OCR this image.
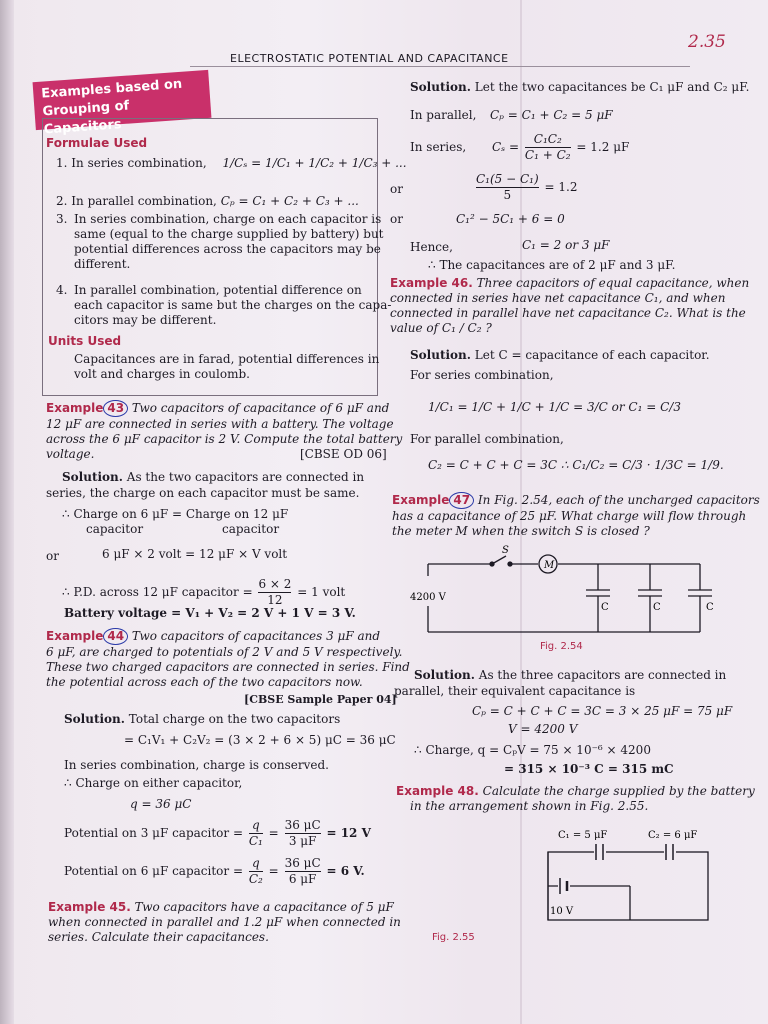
ELECTROSTATIC POTENTIAL AND CAPACITANCE
2.35
Examples based on
Grouping of Capacitors
Formulae Used
1. In series combination, 1/Cₛ = 1/C₁ + 1/C₂ + 1/C₃ + ...
2. In parallel combination, Cₚ = C₁ + C₂ + C₃ + ...
3. In series combination, charge on each capacitor is
same (equal to the charge supplied by battery) but
potential differences across the capacitors may be
different.
4. In parallel combination, potential difference on
each capacitor is same but the charges on the capa-
citors may be different.
Units Used
Capacitances are in farad, potential differences in
volt and charges in coulomb.
Example 43 Two capacitors of capacitance of 6 μF and
12 μF are connected in series with a battery. The voltage
across the 6 μF capacitor is 2 V. Compute the total battery
voltage.	[CBSE OD 06]
Solution. As the two capacitors are connected in
series, the charge on each capacitor must be same.
∴ Charge on 6 μF = Charge on 12 μF
capacitor	capacitor
or	6 μF × 2 volt = 12 μF × V volt
∴ P.D. across 12 μF capacitor = $\frac{6 \times 2}{12} = 1$ volt
Battery voltage = V₁ + V₂ = 2 V + 1 V = 3 V.
Example 44 Two capacitors of capacitances 3 μF and
6 μF, are charged to potentials of 2 V and 5 V respectively.
These two charged capacitors are connected in series. Find
the potential across each of the two capacitors now.
[CBSE Sample Paper 04]
Solution. Total charge on the two capacitors
= C₁V₁ + C₂V₂ = (3 × 2 + 6 × 5) μC = 36 μC
In series combination, charge is conserved.
∴ Charge on either capacitor,
q = 36 μC
Potential on 3 μF capacitor = $\frac{q}{\text{C₁}} = \frac{36 \mu C}{3 \mu F} = 12$ V
Potential on 6 μF capacitor = $\frac{q}{\text{C₂}} = \frac{36 \mu C}{6 \mu F} = 6$ V.
Example 45. Two capacitors have a capacitance of 5 μF
when connected in parallel and 1.2 μF when connected in
series. Calculate their capacitances.
Solution. Let the two capacitances be C₁ μF and C₂ μF.
In parallel, Cₚ = C₁ + C₂ = 5 μF
In series, $C_s = \frac{\text{C₁C₂}}{\text{C₁ + C₂}} = 1.2$ μF
or	$\frac{\text{C₁(5 − C₁)}}{5} = 1.2$
or	C₁² − 5C₁ + 6 = 0
Hence,	C₁ = 2 or 3 μF
∴ The capacitances are of 2 μF and 3 μF.
Example 46. Three capacitors of equal capacitance, when
connected in series have net capacitance C₁, and when
connected in parallel have net capacitance C₂. What is the
value of C₁ / C₂ ?
Solution. Let C = capacitance of each capacitor.
For series combination,
1/C₁ = 1/C + 1/C + 1/C = 3/C or C₁ = C/3
For parallel combination,
C₂ = C + C + C = 3C ∴ C₁/C₂ = C/3 · 1/3C = 1/9.
Example 47 In Fig. 2.54, each of the uncharged capacitors
has a capacitance of 25 μF. What charge will flow through
the meter M when the switch S is closed ?
S
M
4200 V
C	C	C
Fig. 2.54
Solution. As the three capacitors are connected in
parallel, their equivalent capacitance is
Cₚ = C + C + C = 3C = 3 × 25 μF = 75 μF
V = 4200 V
∴ Charge, q = CₚV = 75 × 10⁻⁶ × 4200
= 315 × 10⁻³ C = 315 mC
Example 48. Calculate the charge supplied by the battery
in the arrangement shown in Fig. 2.55.
C₁ = 5 μF	C₂ = 6 μF
10 V
Fig. 2.55
